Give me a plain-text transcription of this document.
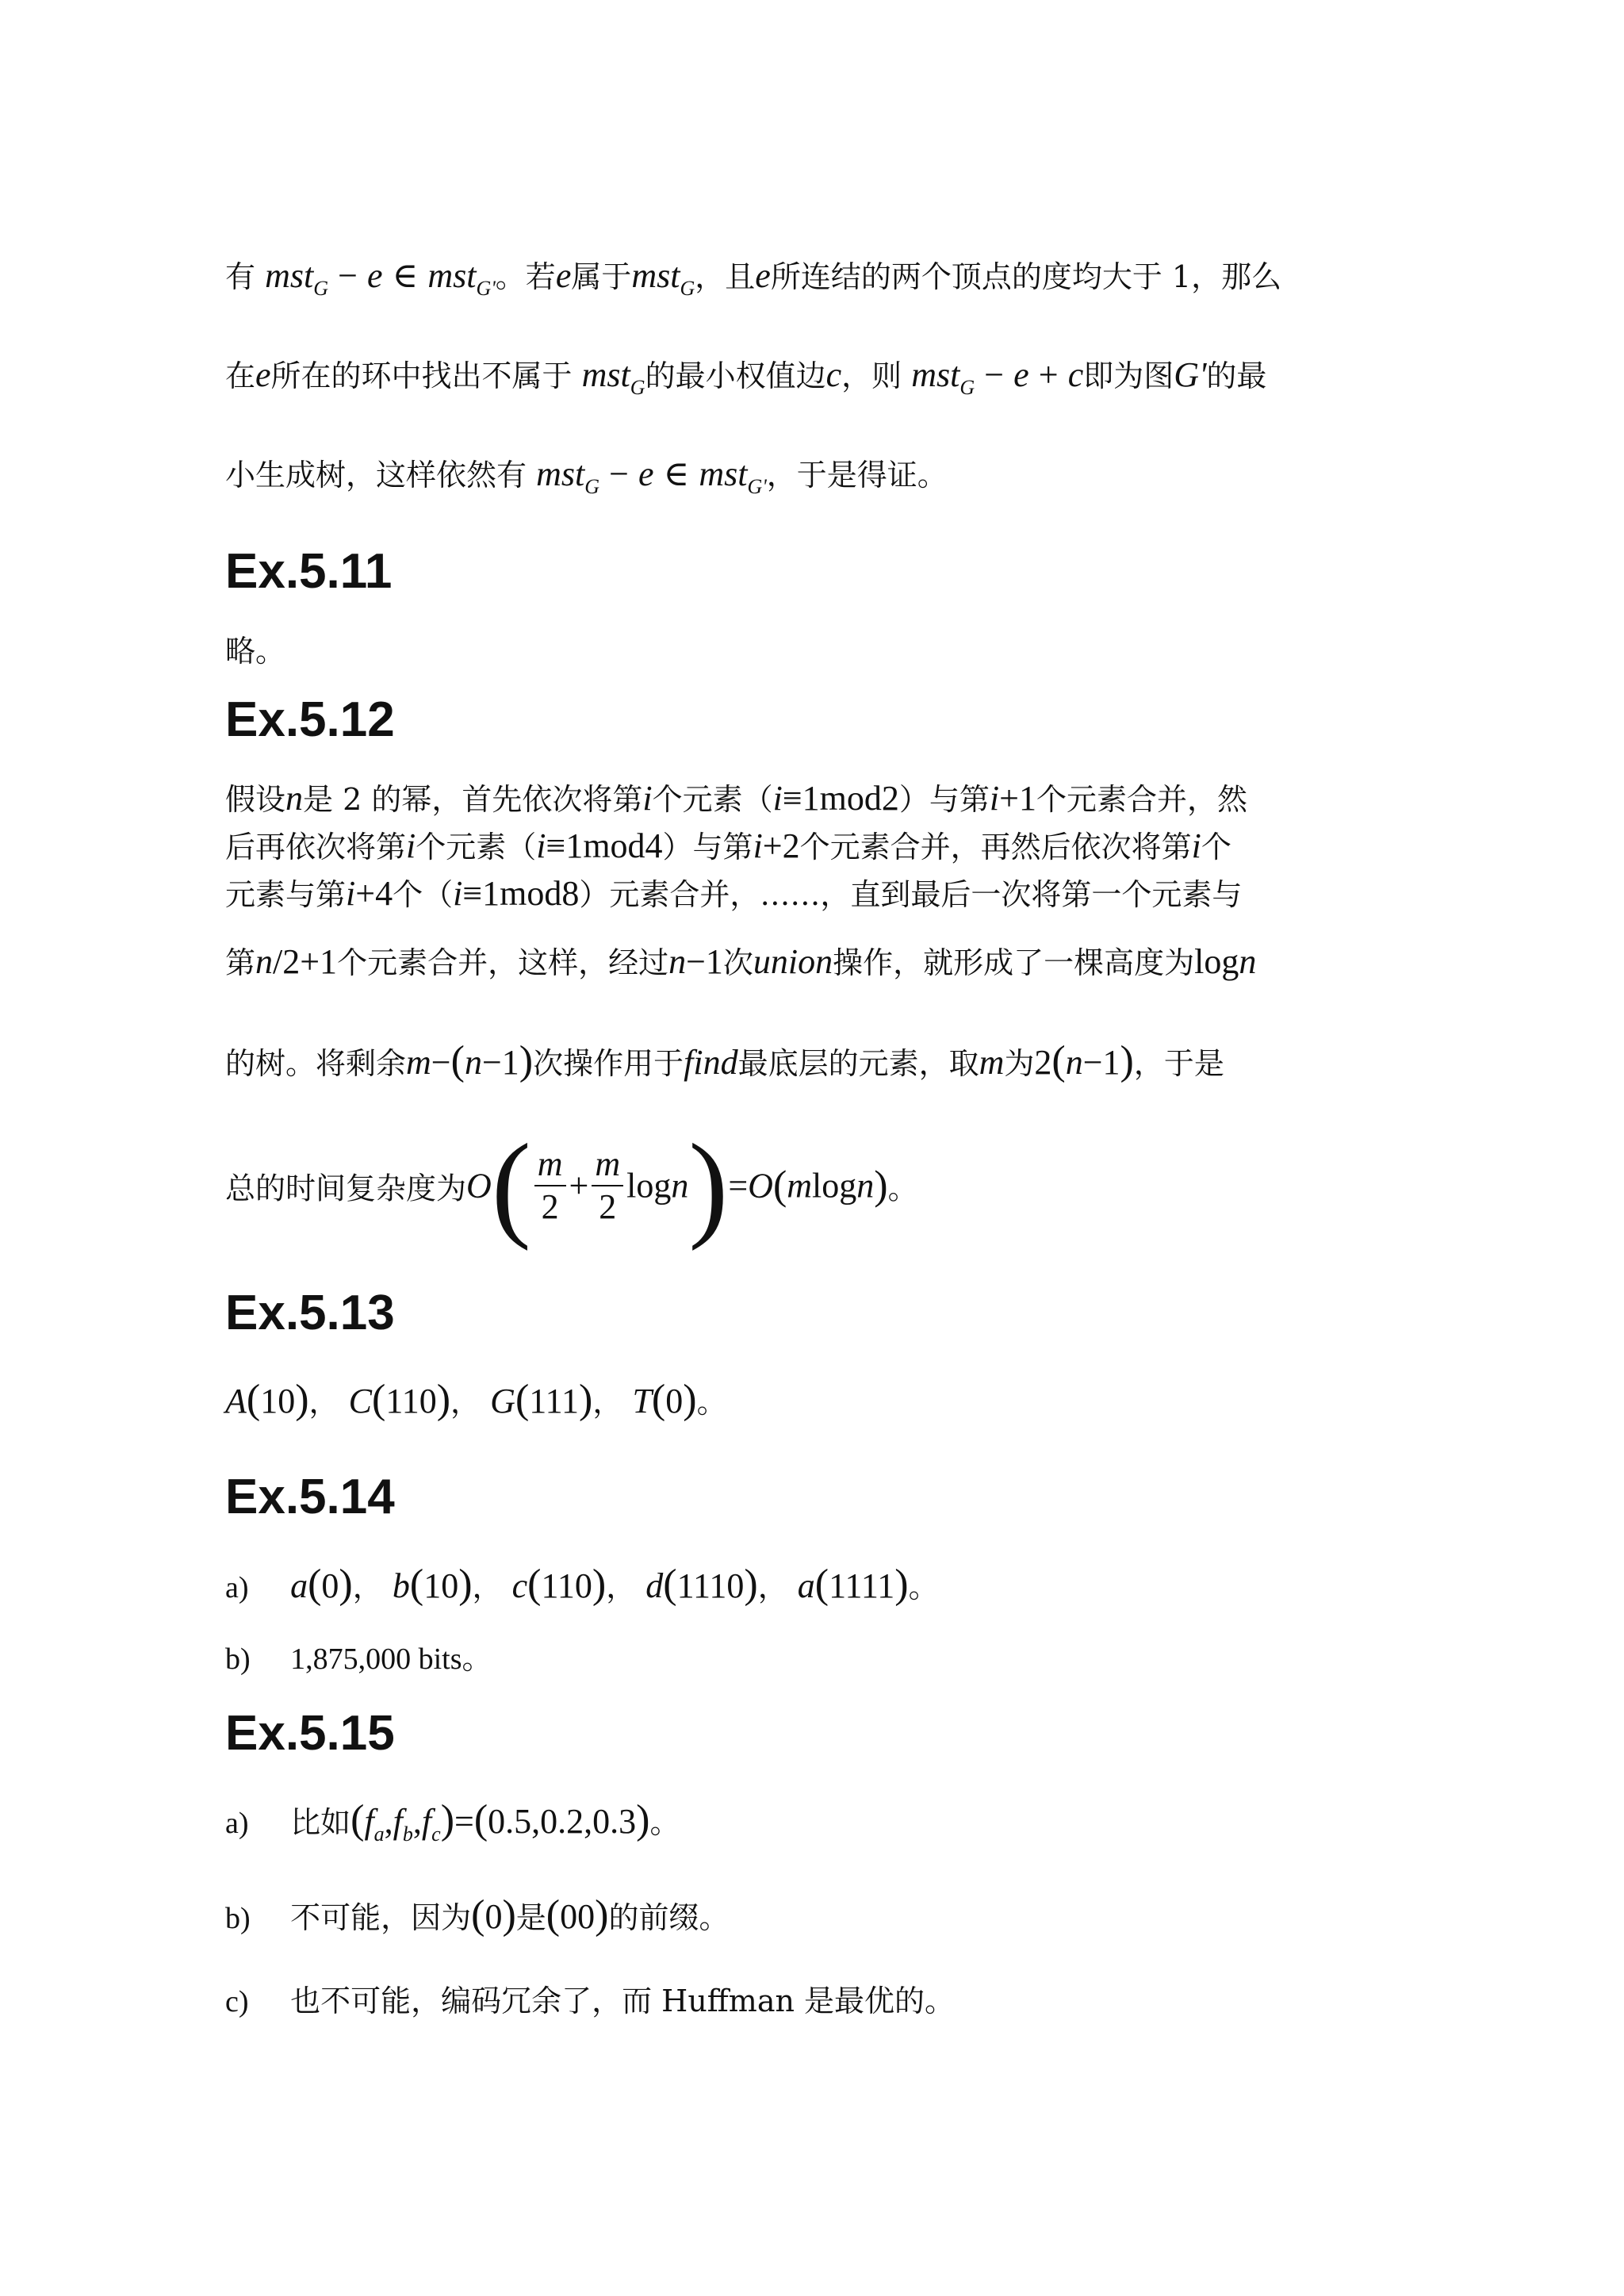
有 mst$_G$ − e ∈ mst$_{G'}$。若e属于mst$_G$，且e所连结的两个顶点的度均大于 1，那么
在e所在的环中找出不属于 mst$_G$的最小权值边c，则 mst$_G$ − e + c即为图G'的最
小生成树，这样依然有 mst$_G$ − e ∈ mst$_{G'}$，于是得证。
Ex.5.11
略。
Ex.5.12
假设n是 2 的幂，首先依次将第i个元素（i≡1mod2）与第i+1个元素合并，然
后再依次将第i个元素（i≡1mod4）与第i+2个元素合并，再然后依次将第i个
元素与第i+4个（i≡1mod8）元素合并，……，直到最后一次将第一个元素与
第n/2+1个元素合并，这样，经过n−1次union操作，就形成了一棵高度为logn
的树。将剩余m−(n−1)次操作用于find最底层的元素，取m为2(n−1)，于是
总的时间复杂度为$O( \frac{m}{2} + \frac{m}{2} \log n)=O(mlogn)$。
Ex.5.13
A(10)， C(110)， G(111)， T(0)。
Ex.5.14
a) a(0)， b(10)， c(110)， d(1110)， a(1111)。
b) 1,875,000 bits。
Ex.5.15
a) 比如$(f_a,f_b,f_c)=(0.5,0.2,0.3)$。
b) 不可能，因为(0)是(00)的前缀。
c) 也不可能，编码冗余了，而 Huffman 是最优的。
